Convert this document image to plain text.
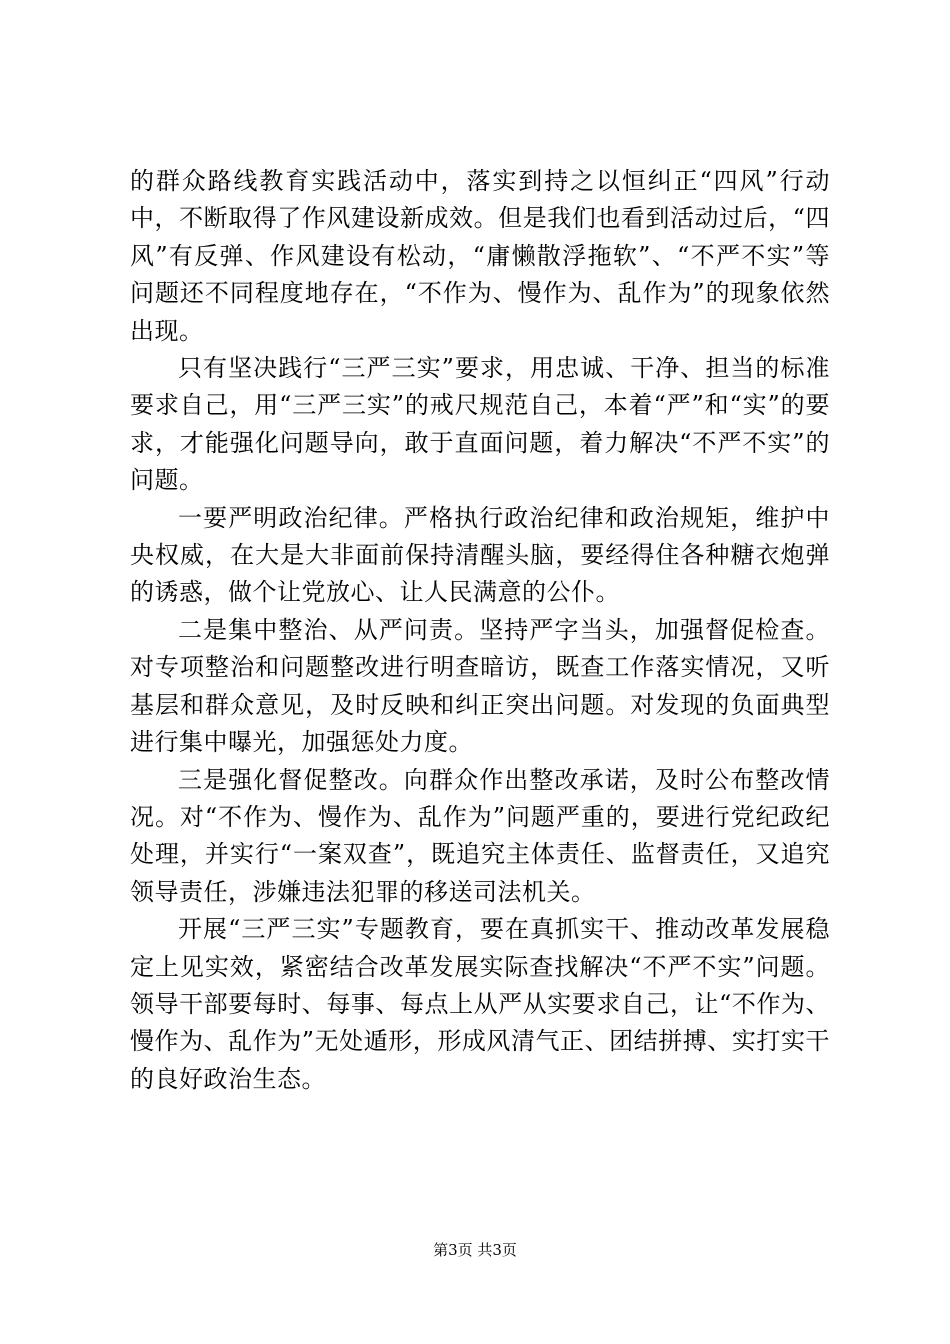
的群众路线教育实践活动中，落实到持之以恒纠正“四风”行动中，不断取得了作风建设新成效。但是我们也看到活动过后，“四风”有反弹、作风建设有松动，“庸懒散浮拖软”、“不严不实”等问题还不同程度地存在，“不作为、慢作为、乱作为”的现象依然出现。

只有坚决践行“三严三实”要求，用忠诚、干净、担当的标准要求自己，用“三严三实”的戒尺规范自己，本着“严”和“实”的要求，才能强化问题导向，敢于直面问题，着力解决“不严不实”的问题。

一要严明政治纪律。严格执行政治纪律和政治规矩，维护中央权威，在大是大非面前保持清醒头脑，要经得住各种糖衣炮弹的诱惑，做个让党放心、让人民满意的公仆。

二是集中整治、从严问责。坚持严字当头，加强督促检查。对专项整治和问题整改进行明查暗访，既查工作落实情况，又听基层和群众意见，及时反映和纠正突出问题。对发现的负面典型进行集中曝光，加强惩处力度。

三是强化督促整改。向群众作出整改承诺，及时公布整改情况。对“不作为、慢作为、乱作为”问题严重的，要进行党纪政纪处理，并实行“一案双查”，既追究主体责任、监督责任，又追究领导责任，涉嫌违法犯罪的移送司法机关。

开展“三严三实”专题教育，要在真抓实干、推动改革发展稳定上见实效，紧密结合改革发展实际查找解决“不严不实”问题。领导干部要每时、每事、每点上从严从实要求自己，让“不作为、慢作为、乱作为”无处遁形，形成风清气正、团结拼搏、实打实干的良好政治生态。

第3页 共3页
